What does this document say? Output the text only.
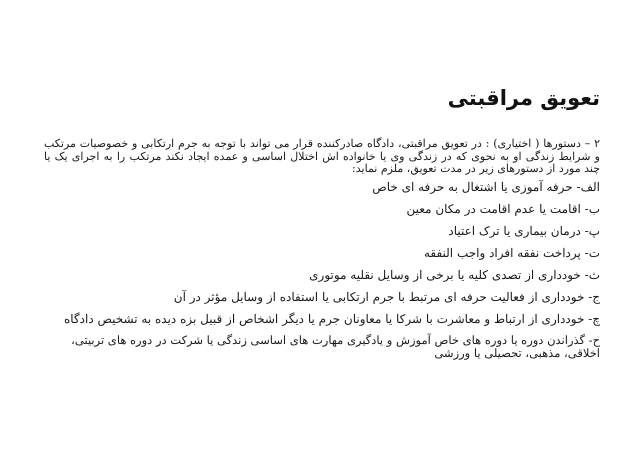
تعویق مراقبتی

۲ – دستورها ( اختیاری) : در تعویق مراقبتی، دادگاه صادرکننده قرار می تواند با توجه به جرم ارتکابی و خصوصیات مرتکب و شرایط زندگی او به نحوی که در زندگی وی یا خانواده اش اختلال اساسی و عمده ایجاد نکند مرتکب را به اجرای یک یا چند مورد از دستورهای زیر در مدت تعویق، ملزم نماید:

الف- حرفه آموزی یا اشتغال به حرفه ای خاص
ب- اقامت یا عدم اقامت در مکان معین
پ- درمان بیماری یا ترک اعتیاد
ت- پرداخت نفقه افراد واجب النفقه
ث- خودداری از تصدی کلیه یا برخی از وسایل نقلیه موتوری
ج- خودداری از فعالیت حرفه ای مرتبط با جرم ارتکابی یا استفاده از وسایل مؤثر در آن
چ- خودداری از ارتباط و معاشرت با شرکا یا معاونان جرم یا دیگر اشخاص از قبیل بزه دیده به تشخیص دادگاه
ح- گذراندن دوره یا دوره های خاص آموزش و یادگیری مهارت های اساسی زندگی یا شرکت در دوره های تربیتی، اخلاقی، مذهبی، تحصیلی یا ورزشی
